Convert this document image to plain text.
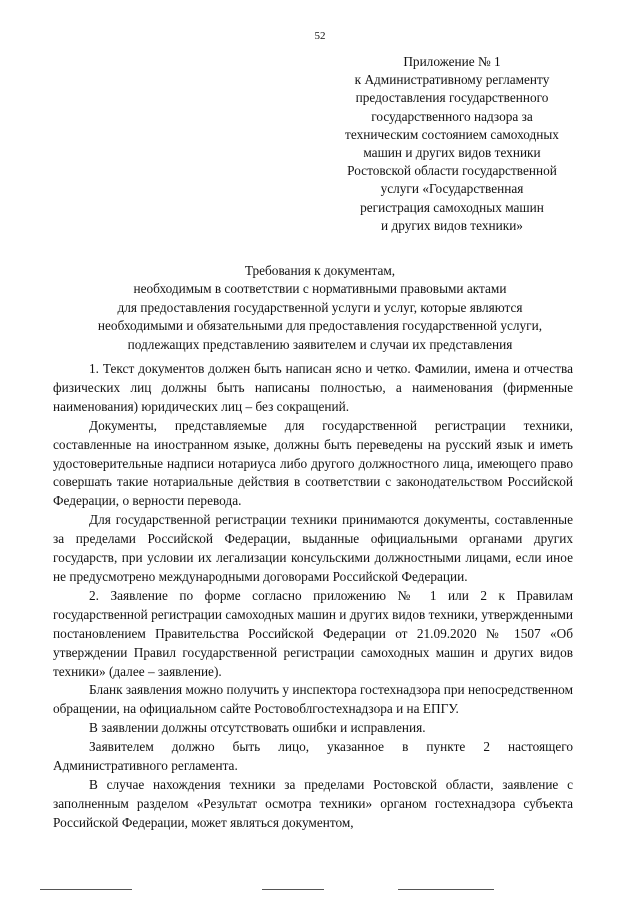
52
Приложение № 1
к Административному регламенту
предоставления государственного
государственного надзора за
техническим состоянием самоходных
машин и других видов техники
Ростовской области государственной
услуги «Государственная
регистрация самоходных машин
и других видов техники»
Требования к документам,
необходимым в соответствии с нормативными правовыми актами
для предоставления государственной услуги и услуг, которые являются
необходимыми и обязательными для предоставления государственной услуги,
подлежащих представлению заявителем и случаи их представления

1. Текст документов должен быть написан ясно и четко. Фамилии, имена и отчества физических лиц должны быть написаны полностью, а наименования (фирменные наименования) юридических лиц – без сокращений.

Документы, представляемые для государственной регистрации техники, составленные на иностранном языке, должны быть переведены на русский язык и иметь удостоверительные надписи нотариуса либо другого должностного лица, имеющего право совершать такие нотариальные действия в соответствии с законодательством Российской Федерации, о верности перевода.

Для государственной регистрации техники принимаются документы, составленные за пределами Российской Федерации, выданные официальными органами других государств, при условии их легализации консульскими должностными лицами, если иное не предусмотрено международными договорами Российской Федерации.

2. Заявление по форме согласно приложению № 1 или 2 к Правилам государственной регистрации самоходных машин и других видов техники, утвержденными постановлением Правительства Российской Федерации от 21.09.2020 № 1507 «Об утверждении Правил государственной регистрации самоходных машин и других видов техники» (далее – заявление).

Бланк заявления можно получить у инспектора гостехнадзора при непосредственном обращении, на официальном сайте Ростовоблгостехнадзора и на ЕПГУ.

В заявлении должны отсутствовать ошибки и исправления.

Заявителем должно быть лицо, указанное в пункте 2 настоящего Административного регламента.

В случае нахождения техники за пределами Ростовской области, заявление с заполненным разделом «Результат осмотра техники» органом гостехнадзора субъекта Российской Федерации, может являться документом,
